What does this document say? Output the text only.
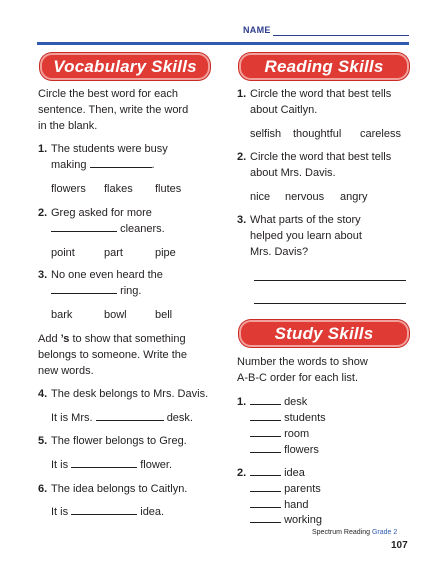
NAME
Vocabulary Skills
Circle the best word for each
sentence. Then, write the word
in the blank.
1. The students were busy
making	.
flowers flakes flutes
2. Greg asked for more
cleaners.
point	part	pipe
3. No one even heard the
ring.
bark	bowl	bell
Add ’s to show that something
belongs to someone. Write the
new words.
4. The desk belongs to Mrs. Davis.
It is Mrs.	desk.
5. The flower belongs to Greg.
It is	flower.
6. The idea belongs to Caitlyn.
It is	idea.
Reading Skills
1. Circle the word that best tells
about Caitlyn.
selfish thoughtful careless
2. Circle the word that best tells
about Mrs. Davis.
nice nervous angry
3. What parts of the story
helped you learn about
Mrs. Davis?
Study Skills
Number the words to show
A-B-C order for each list.
1.	desk
students
room
flowers
2.	idea
parents
hand
working
Spectrum Reading Grade 2
107
